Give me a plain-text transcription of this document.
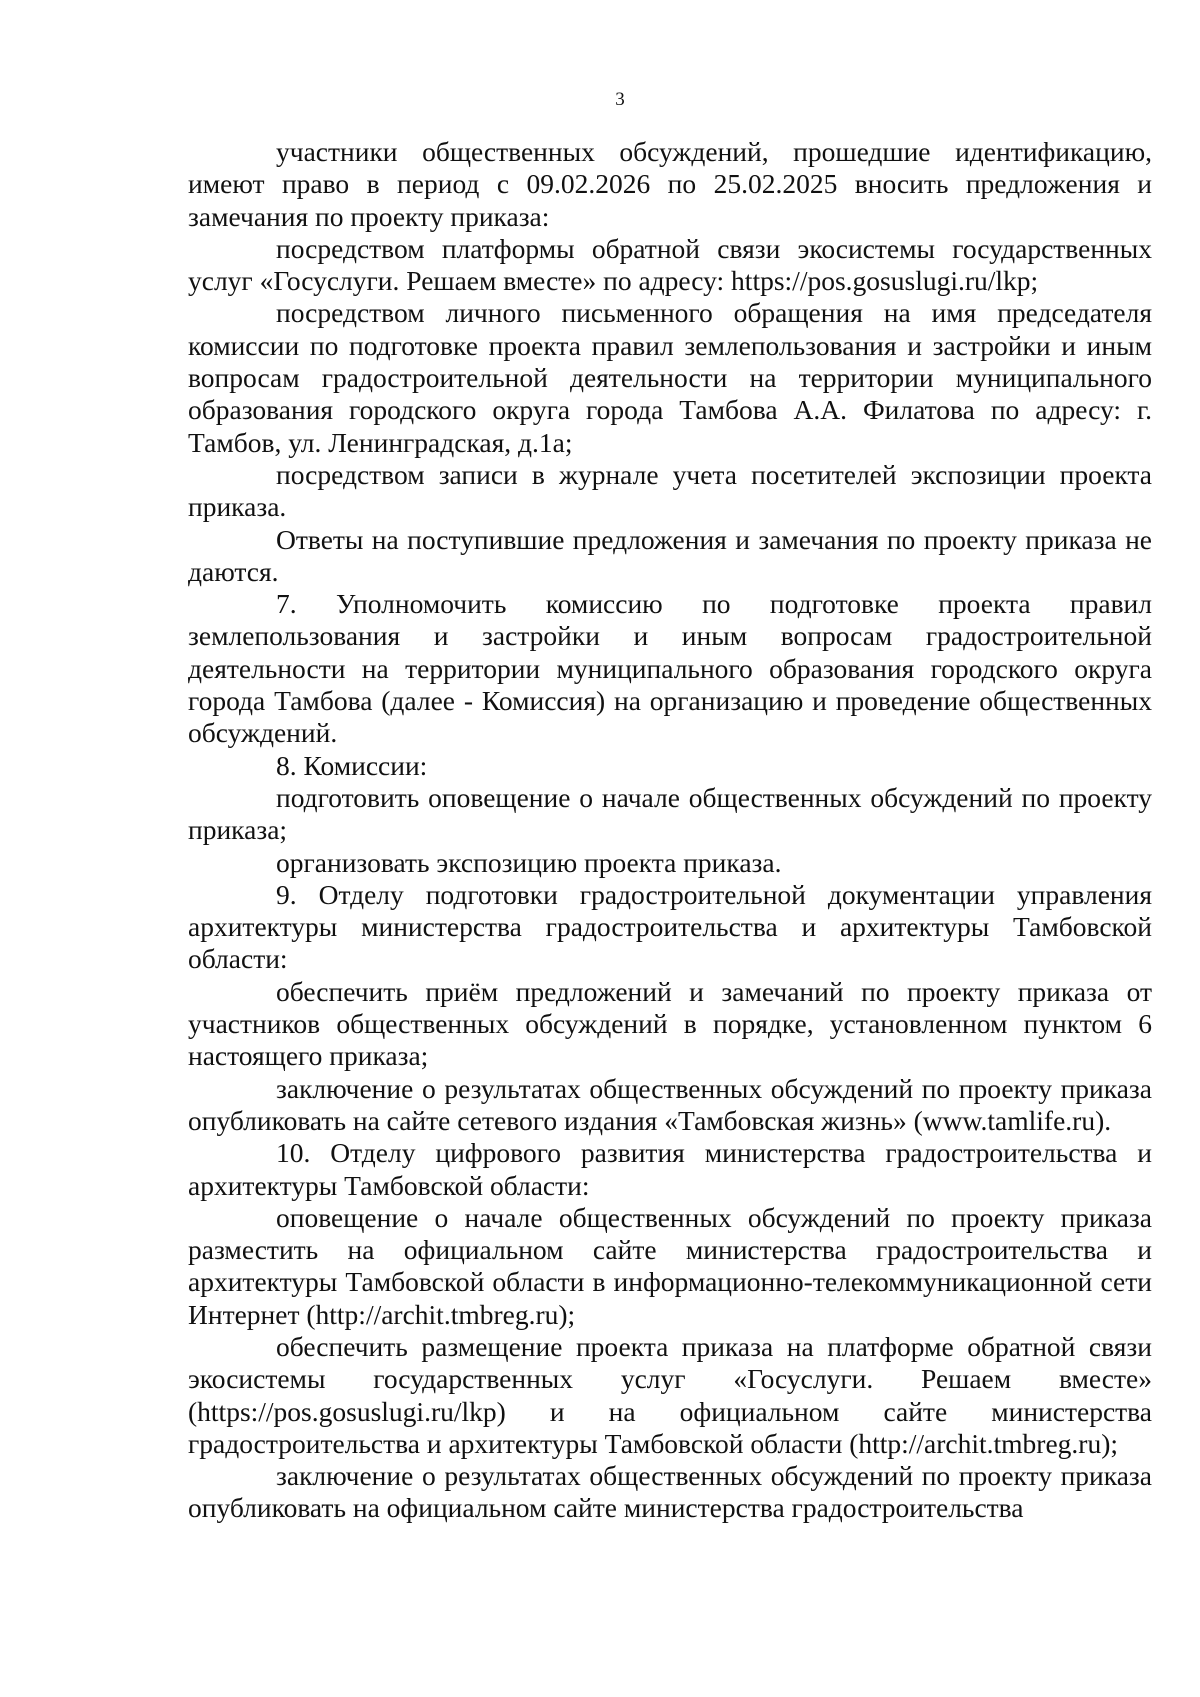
3

участники общественных обсуждений, прошедшие идентификацию, имеют право в период с 09.02.2026 по 25.02.2025 вносить предложения и замечания по проекту приказа:

посредством платформы обратной связи экосистемы государственных услуг «Госуслуги. Решаем вместе» по адресу: https://pos.gosuslugi.ru/lkp;

посредством личного письменного обращения на имя председателя комиссии по подготовке проекта правил землепользования и застройки и иным вопросам градостроительной деятельности на территории муниципального образования городского округа города Тамбова А.А. Филатова по адресу: г. Тамбов, ул. Ленинградская, д.1а;

посредством записи в журнале учета посетителей экспозиции проекта приказа.

Ответы на поступившие предложения и замечания по проекту приказа не даются.

7. Уполномочить комиссию по подготовке проекта правил землепользования и застройки и иным вопросам градостроительной деятельности на территории муниципального образования городского округа города Тамбова (далее - Комиссия) на организацию и проведение общественных обсуждений.

8. Комиссии:

подготовить оповещение о начале общественных обсуждений по проекту приказа;

организовать экспозицию проекта приказа.

9. Отделу подготовки градостроительной документации управления архитектуры министерства градостроительства и архитектуры Тамбовской области:

обеспечить приём предложений и замечаний по проекту приказа от участников общественных обсуждений в порядке, установленном пунктом 6 настоящего приказа;

заключение о результатах общественных обсуждений по проекту приказа опубликовать на сайте сетевого издания «Тамбовская жизнь» (www.tamlife.ru).

10. Отделу цифрового развития министерства градостроительства и архитектуры Тамбовской области:

оповещение о начале общественных обсуждений по проекту приказа разместить на официальном сайте министерства градостроительства и архитектуры Тамбовской области в информационно-телекоммуникационной сети Интернет (http://archit.tmbreg.ru);

обеспечить размещение проекта приказа на платформе обратной связи экосистемы государственных услуг «Госуслуги. Решаем вместе» (https://pos.gosuslugi.ru/lkp) и на официальном сайте министерства градостроительства и архитектуры Тамбовской области (http://archit.tmbreg.ru);

заключение о результатах общественных обсуждений по проекту приказа опубликовать на официальном сайте министерства градостроительства
